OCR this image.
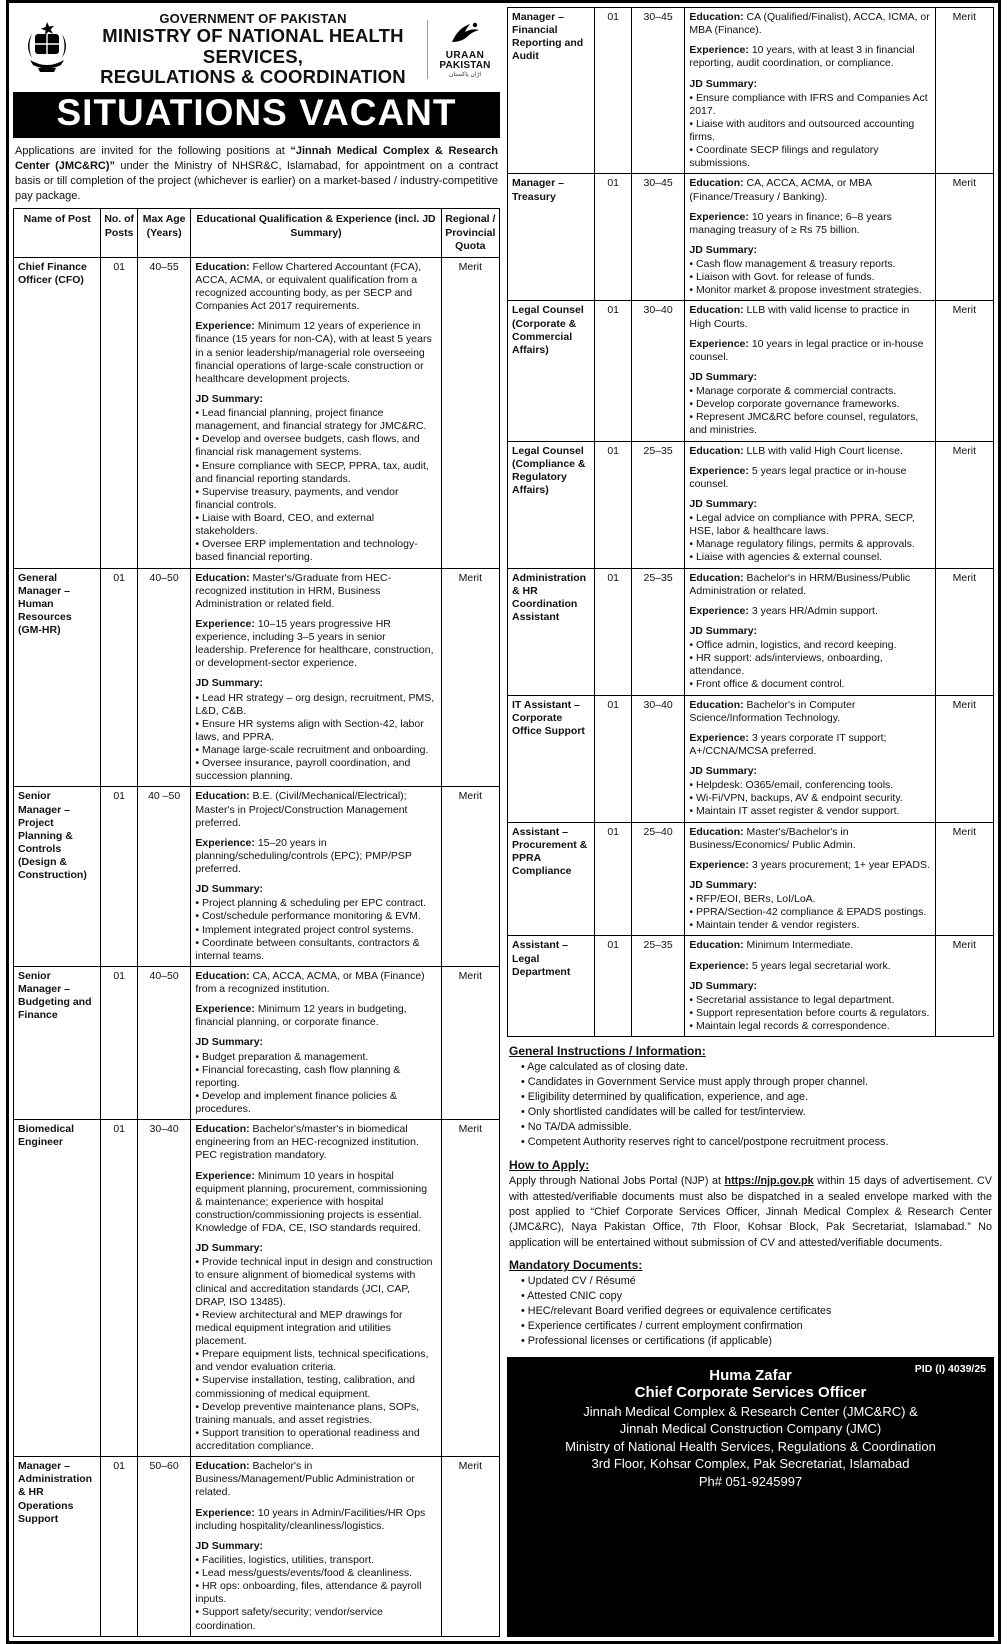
GOVERNMENT OF PAKISTAN
MINISTRY OF NATIONAL HEALTH SERVICES,
REGULATIONS & COORDINATION
URAAN
PAKISTAN
اڑان پاکستان
SITUATIONS VACANT

Applications are invited for the following positions at “Jinnah Medical Complex & Research Center (JMC&RC)” under the Ministry of NHSR&C, Islamabad, for appointment on a contract basis or till completion of the project (whichever is earlier) on a market-based / industry-competitive pay package.

Name of Post	No. of Posts	Max Age (Years)	Educational Qualification & Experience (incl. JD Summary)	Regional / Provincial Quota
Chief Finance Officer (CFO)	01	40–55	Education: Fellow Chartered Accountant (FCA), ACCA, ACMA, or equivalent qualification from a recognized accounting body, as per SECP and Companies Act 2017 requirements.

Experience: Minimum 12 years of experience in finance (15 years for non-CA), with at least 5 years in a senior leadership/managerial role overseeing financial operations of large-scale construction or healthcare development projects.

JD Summary:

• Lead financial planning, project finance management, and financial strategy for JMC&RC.
• Develop and oversee budgets, cash flows, and financial risk management systems.
• Ensure compliance with SECP, PPRA, tax, audit, and financial reporting standards.
• Supervise treasury, payments, and vendor financial controls.
• Liaise with Board, CEO, and external stakeholders.
• Oversee ERP implementation and technology-based financial reporting.
	Merit
General Manager – Human Resources (GM-HR)	01	40–50	Education: Master's/Graduate from HEC-recognized institution in HRM, Business Administration or related field.

Experience: 10–15 years progressive HR experience, including 3–5 years in senior leadership. Preference for healthcare, construction, or development-sector experience.

JD Summary:

• Lead HR strategy – org design, recruitment, PMS, L&D, C&B.
• Ensure HR systems align with Section-42, labor laws, and PPRA.
• Manage large-scale recruitment and onboarding.
• Oversee insurance, payroll coordination, and succession planning.
	Merit
Senior Manager – Project Planning & Controls (Design & Construction)	01	40 –50	Education: B.E. (Civil/Mechanical/Electrical); Master's in Project/Construction Management preferred.

Experience: 15–20 years in planning/scheduling/controls (EPC); PMP/PSP preferred.

JD Summary:

• Project planning & scheduling per EPC contract.
• Cost/schedule performance monitoring & EVM.
• Implement integrated project control systems.
• Coordinate between consultants, contractors & internal teams.
	Merit
Senior Manager – Budgeting and Finance	01	40–50	Education: CA, ACCA, ACMA, or MBA (Finance) from a recognized institution.

Experience: Minimum 12 years in budgeting, financial planning, or corporate finance.

JD Summary:

• Budget preparation & management.
• Financial forecasting, cash flow planning & reporting.
• Develop and implement finance policies & procedures.
	Merit
Biomedical Engineer	01	30–40	Education: Bachelor's/master's in biomedical engineering from an HEC-recognized institution. PEC registration mandatory.

Experience: Minimum 10 years in hospital equipment planning, procurement, commissioning & maintenance; experience with hospital construction/commissioning projects is essential. Knowledge of FDA, CE, ISO standards required.

JD Summary:

• Provide technical input in design and construction to ensure alignment of biomedical systems with clinical and accreditation standards (JCI, CAP, DRAP, ISO 13485).
• Review architectural and MEP drawings for medical equipment integration and utilities placement.
• Prepare equipment lists, technical specifications, and vendor evaluation criteria.
• Supervise installation, testing, calibration, and commissioning of medical equipment.
• Develop preventive maintenance plans, SOPs, training manuals, and asset registries.
• Support transition to operational readiness and accreditation compliance.
	Merit
Manager – Administration & HR Operations Support	01	50–60	Education: Bachelor's in Business/Management/Public Administration or related.

Experience: 10 years in Admin/Facilities/HR Ops including hospitality/cleanliness/logistics.

JD Summary:

• Facilities, logistics, utilities, transport.
• Lead mess/guests/events/food & cleanliness.
• HR ops: onboarding, files, attendance & payroll inputs.
• Support safety/security; vendor/service coordination.
	Merit
Manager – Financial Reporting and Audit	01	30–45	Education: CA (Qualified/Finalist), ACCA, ICMA, or MBA (Finance).

Experience: 10 years, with at least 3 in financial reporting, audit coordination, or compliance.

JD Summary:

• Ensure compliance with IFRS and Companies Act 2017.
• Liaise with auditors and outsourced accounting firms.
• Coordinate SECP filings and regulatory submissions.
	Merit
Manager – Treasury	01	30–45	Education: CA, ACCA, ACMA, or MBA (Finance/Treasury / Banking).

Experience: 10 years in finance; 6–8 years managing treasury of ≥ Rs 75 billion.

JD Summary:

• Cash flow management & treasury reports.
• Liaison with Govt. for release of funds.
• Monitor market & propose investment strategies.
	Merit
Legal Counsel (Corporate & Commercial Affairs)	01	30–40	Education: LLB with valid license to practice in High Courts.

Experience: 10 years in legal practice or in-house counsel.

JD Summary:

• Manage corporate & commercial contracts.
• Develop corporate governance frameworks.
• Represent JMC&RC before counsel, regulators, and ministries.
	Merit
Legal Counsel (Compliance & Regulatory Affairs)	01	25–35	Education: LLB with valid High Court license.

Experience: 5 years legal practice or in-house counsel.

JD Summary:

• Legal advice on compliance with PPRA, SECP, HSE, labor & healthcare laws.
• Manage regulatory filings, permits & approvals.
• Liaise with agencies & external counsel.
	Merit
Administration & HR Coordination Assistant	01	25–35	Education: Bachelor's in HRM/Business/Public Administration or related.

Experience: 3 years HR/Admin support.

JD Summary:

• Office admin, logistics, and record keeping.
• HR support: ads/interviews, onboarding, attendance.
• Front office & document control.
	Merit
IT Assistant – Corporate Office Support	01	30–40	Education: Bachelor's in Computer Science/Information Technology.

Experience: 3 years corporate IT support; A+/CCNA/MCSA preferred.

JD Summary:

• Helpdesk: O365/email, conferencing tools.
• Wi-Fi/VPN, backups, AV & endpoint security.
• Maintain IT asset register & vendor support.
	Merit
Assistant – Procurement & PPRA Compliance	01	25–40	Education: Master's/Bachelor's in Business/Economics/ Public Admin.

Experience: 3 years procurement; 1+ year EPADS.

JD Summary:

• RFP/EOI, BERs, LoI/LoA.
• PPRA/Section-42 compliance & EPADS postings.
• Maintain tender & vendor registers.
	Merit
Assistant – Legal Department	01	25–35	Education: Minimum Intermediate.

Experience: 5 years legal secretarial work.

JD Summary:

• Secretarial assistance to legal department.
• Support representation before courts & regulators.
• Maintain legal records & correspondence.
	Merit
General Instructions / Information:
• Age calculated as of closing date.
• Candidates in Government Service must apply through proper channel.
• Eligibility determined by qualification, experience, and age.
• Only shortlisted candidates will be called for test/interview.
• No TA/DA admissible.
• Competent Authority reserves right to cancel/postpone recruitment process.
How to Apply:

Apply through National Jobs Portal (NJP) at https://njp.gov.pk within 15 days of advertisement. CV with attested/verifiable documents must also be dispatched in a sealed envelope marked with the post applied to “Chief Corporate Services Officer, Jinnah Medical Complex & Research Center (JMC&RC), Naya Pakistan Office, 7th Floor, Kohsar Block, Pak Secretariat, Islamabad.” No application will be entertained without submission of CV and attested/verifiable documents.

Mandatory Documents:
• Updated CV / Résumé
• Attested CNIC copy
• HEC/relevant Board verified degrees or equivalence certificates
• Experience certificates / current employment confirmation
• Professional licenses or certifications (if applicable)
PID (I) 4039/25
Huma Zafar
Chief Corporate Services Officer
Jinnah Medical Complex & Research Center (JMC&RC) &
Jinnah Medical Construction Company (JMC)
Ministry of National Health Services, Regulations & Coordination
3rd Floor, Kohsar Complex, Pak Secretariat, Islamabad
Ph# 051-9245997
